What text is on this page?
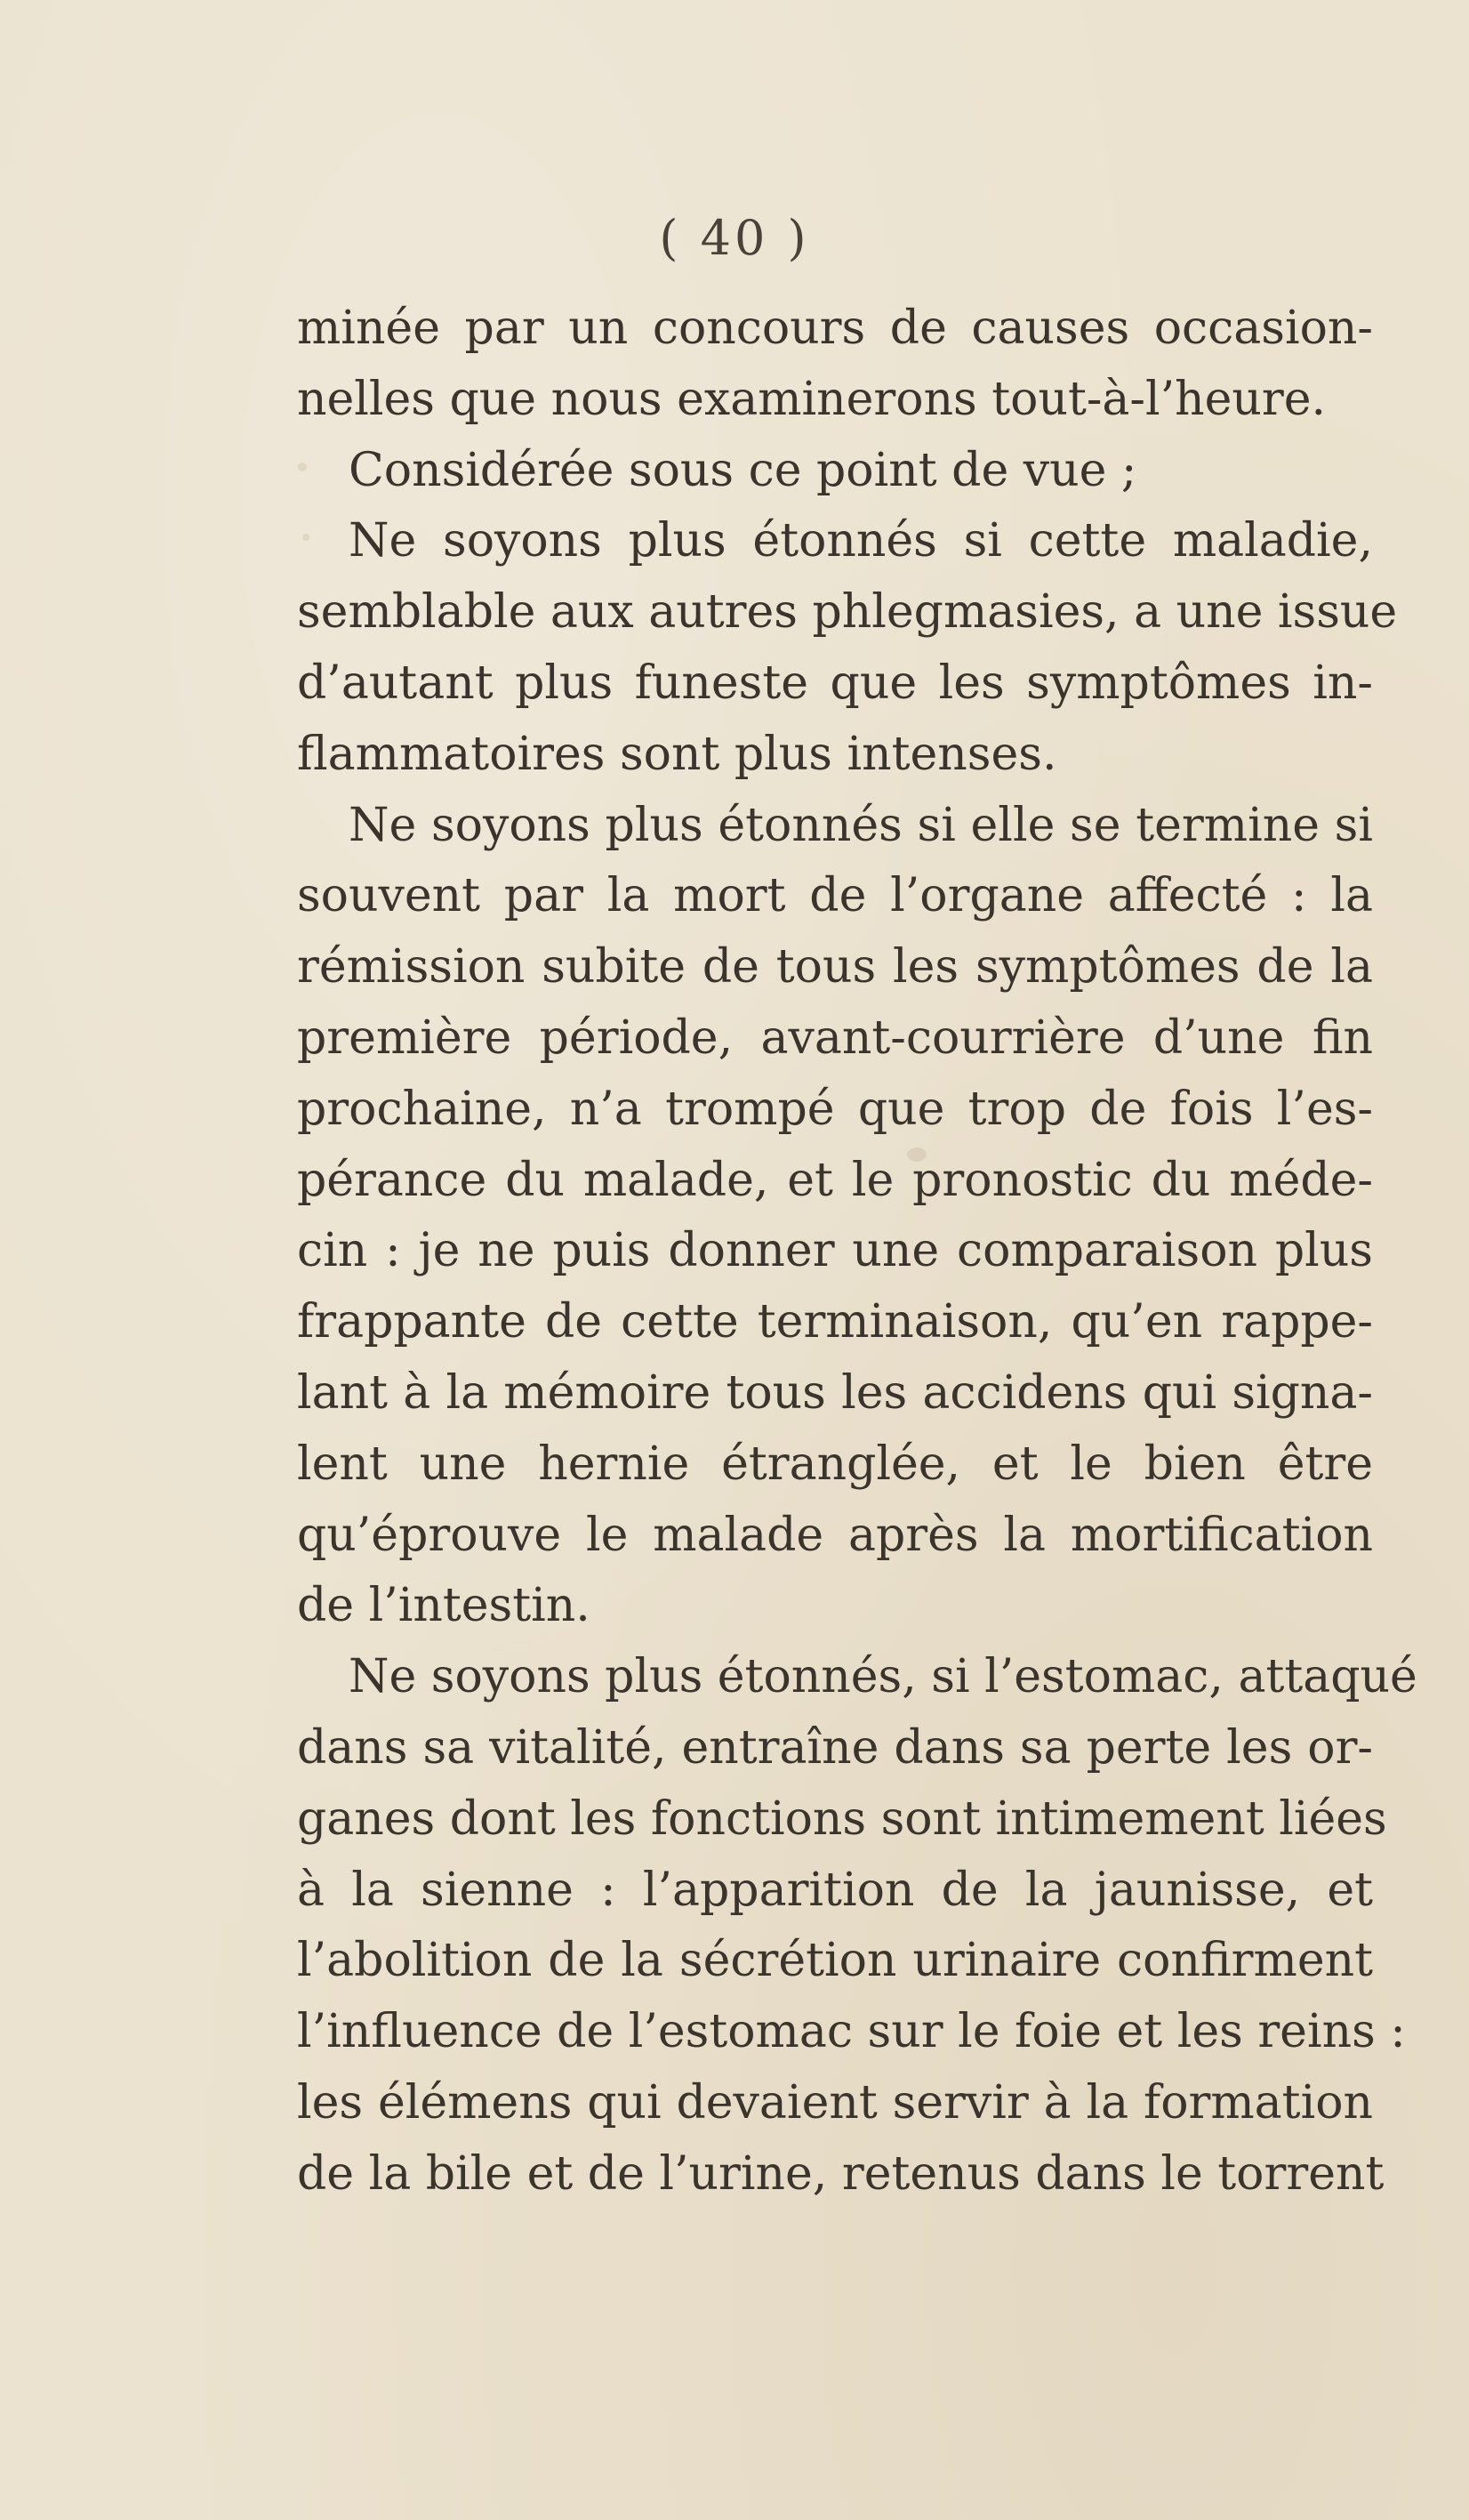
( 40 )
minée par un concours de causes occasion-
nelles que nous examinerons tout-à-l’heure.
Considérée sous ce point de vue ;
Ne soyons plus étonnés si cette maladie,
semblable aux autres phlegmasies, a une issue
d’autant plus funeste que les symptômes in-
flammatoires sont plus intenses.
Ne soyons plus étonnés si elle se termine si
souvent par la mort de l’organe affecté : la
rémission subite de tous les symptômes de la
première période, avant-courrière d’une fin
prochaine, n’a trompé que trop de fois l’es-
pérance du malade, et le pronostic du méde-
cin : je ne puis donner une comparaison plus
frappante de cette terminaison, qu’en rappe-
lant à la mémoire tous les accidens qui signa-
lent une hernie étranglée, et le bien être
qu’éprouve le malade après la mortification
de l’intestin.
Ne soyons plus étonnés, si l’estomac, attaqué
dans sa vitalité, entraîne dans sa perte les or-
ganes dont les fonctions sont intimement liées
à la sienne : l’apparition de la jaunisse, et
l’abolition de la sécrétion urinaire confirment
l’influence de l’estomac sur le foie et les reins :
les élémens qui devaient servir à la formation
de la bile et de l’urine, retenus dans le torrent
